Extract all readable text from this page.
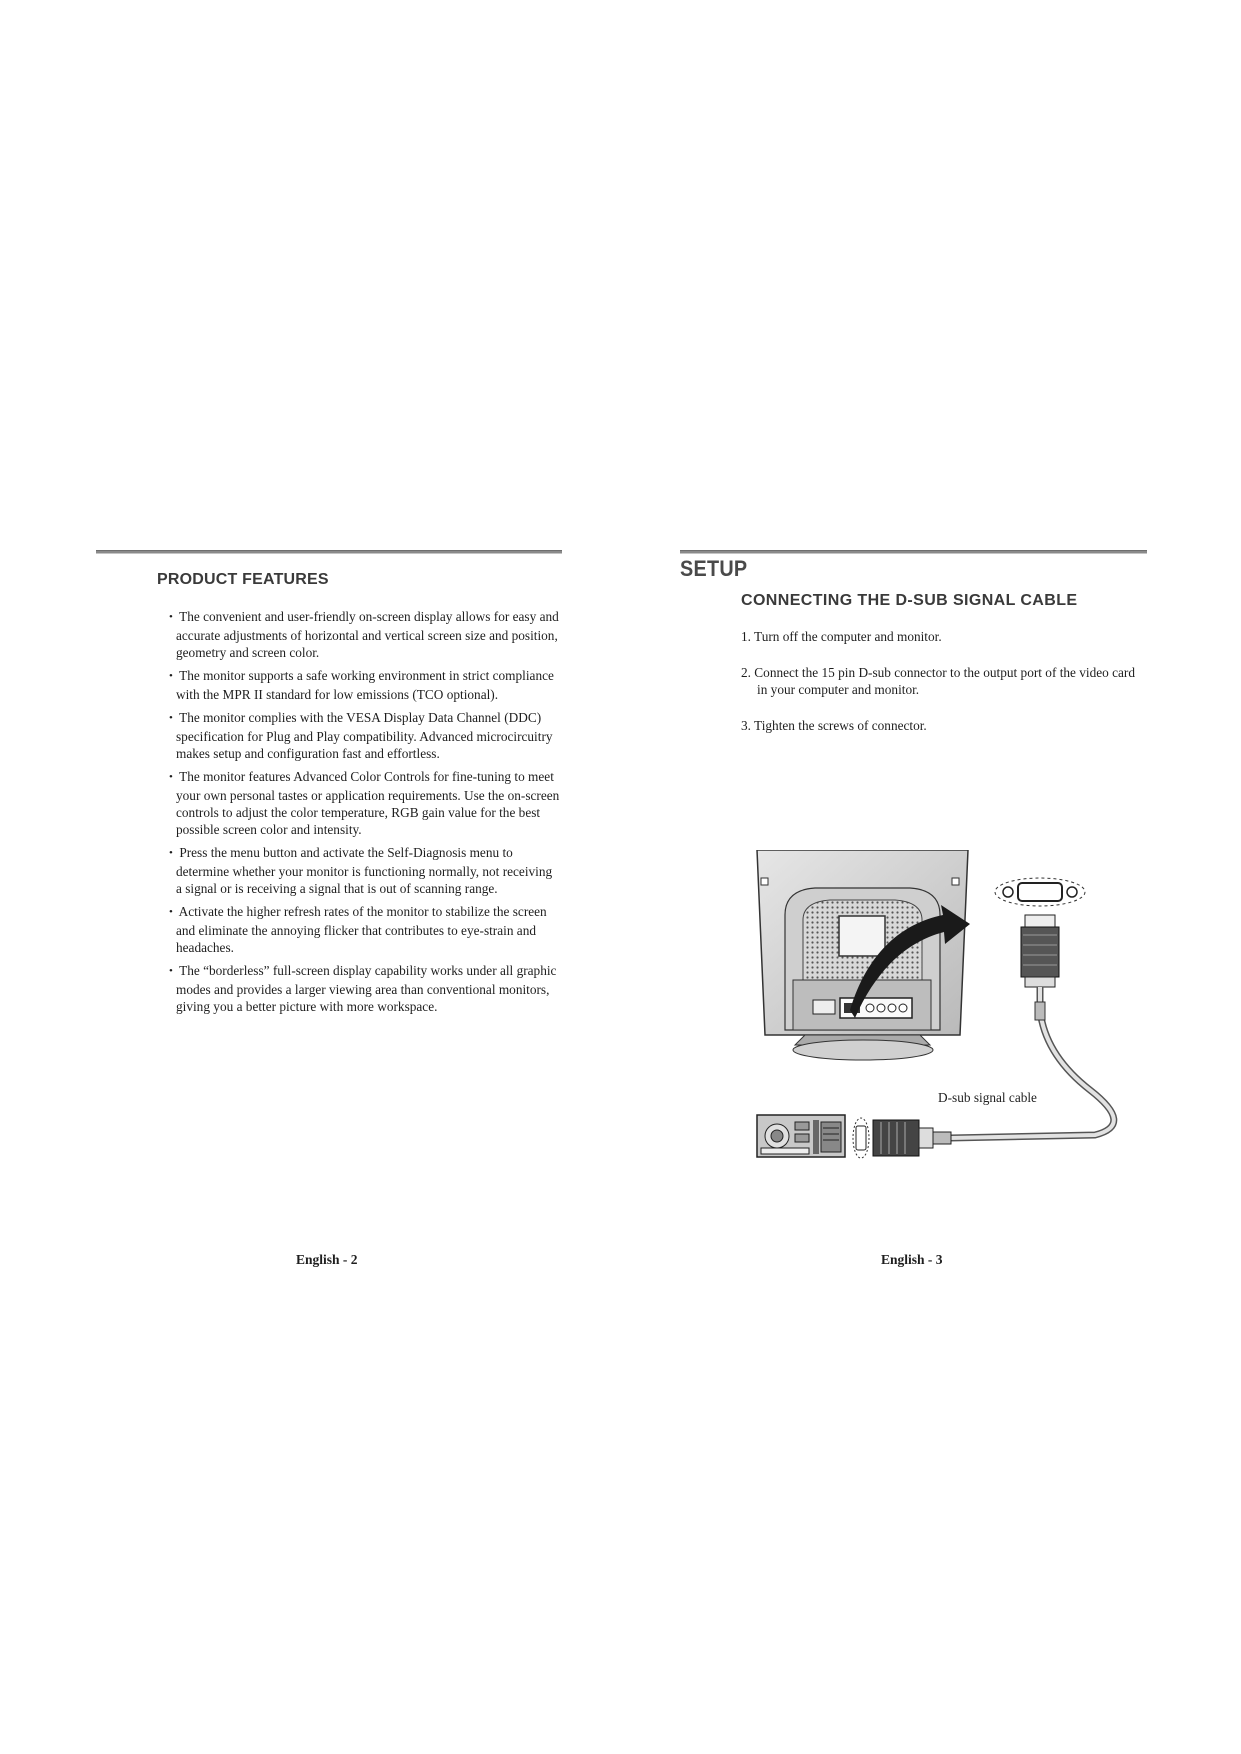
PRODUCT FEATURES
• The convenient and user-friendly on-screen display allows for easy and accurate adjustments of horizontal and vertical screen size and position, geometry and screen color.
• The monitor supports a safe working environment in strict compliance with the MPR II standard for low emissions (TCO optional).
• The monitor complies with the VESA Display Data Channel (DDC) specification for Plug and Play compatibility. Advanced microcircuitry makes setup and configuration fast and effortless.
• The monitor features Advanced Color Controls for fine-tuning to meet your own personal tastes or application requirements. Use the on-screen controls to adjust the color temperature, RGB gain value for the best possible screen color and intensity.
• Press the menu button and activate the Self-Diagnosis menu to determine whether your monitor is functioning normally, not receiving a signal or is receiving a signal that is out of scanning range.
• Activate the higher refresh rates of the monitor to stabilize the screen and eliminate the annoying flicker that contributes to eye-strain and headaches.
• The “borderless” full-screen display capability works under all graphic modes and provides a larger viewing area than conventional monitors, giving you a better picture with more workspace.
English - 2
SETUP
CONNECTING THE D-SUB SIGNAL CABLE
1. Turn off the computer and monitor.
2. Connect the 15 pin D-sub connector to the output port of the video card in your computer and monitor.
3. Tighten the screws of connector.
D-sub signal cable
English - 3
